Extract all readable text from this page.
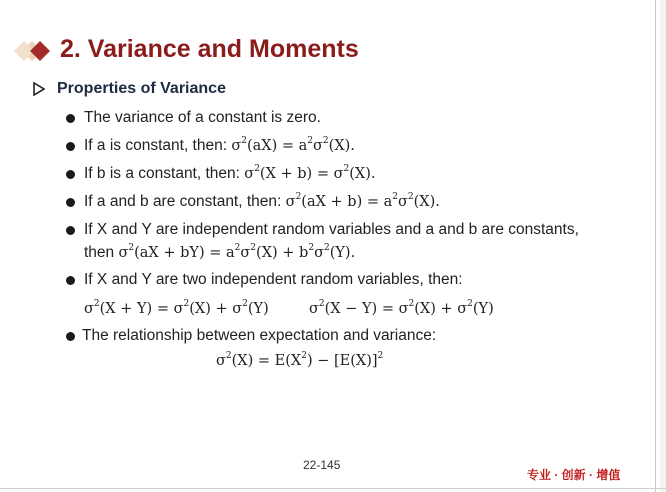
2. Variance and Moments
Properties of Variance
The variance of a constant is zero.
If a is constant, then: $\sigma^2(aX) = a^2\sigma^2(X)$.
If b is a constant, then: $\sigma^2(X + b) = \sigma^2(X)$.
If a and b are constant, then: $\sigma^2(aX + b) = a^2\sigma^2(X)$.
If X and Y are independent random variables and a and b are constants,
then $\sigma^2(aX + bY) = a^2\sigma^2(X) + b^2\sigma^2(Y)$.
If X and Y are two independent random variables, then:
$\sigma^2(X + Y) = \sigma^2(X) + \sigma^2(Y)$	$\sigma^2(X - Y) = \sigma^2(X) + \sigma^2(Y)$
The relationship between expectation and variance:
$\sigma^2(X) = E(X^2) - [E(X)]^2$
22-145
专业 · 创新 · 增值
